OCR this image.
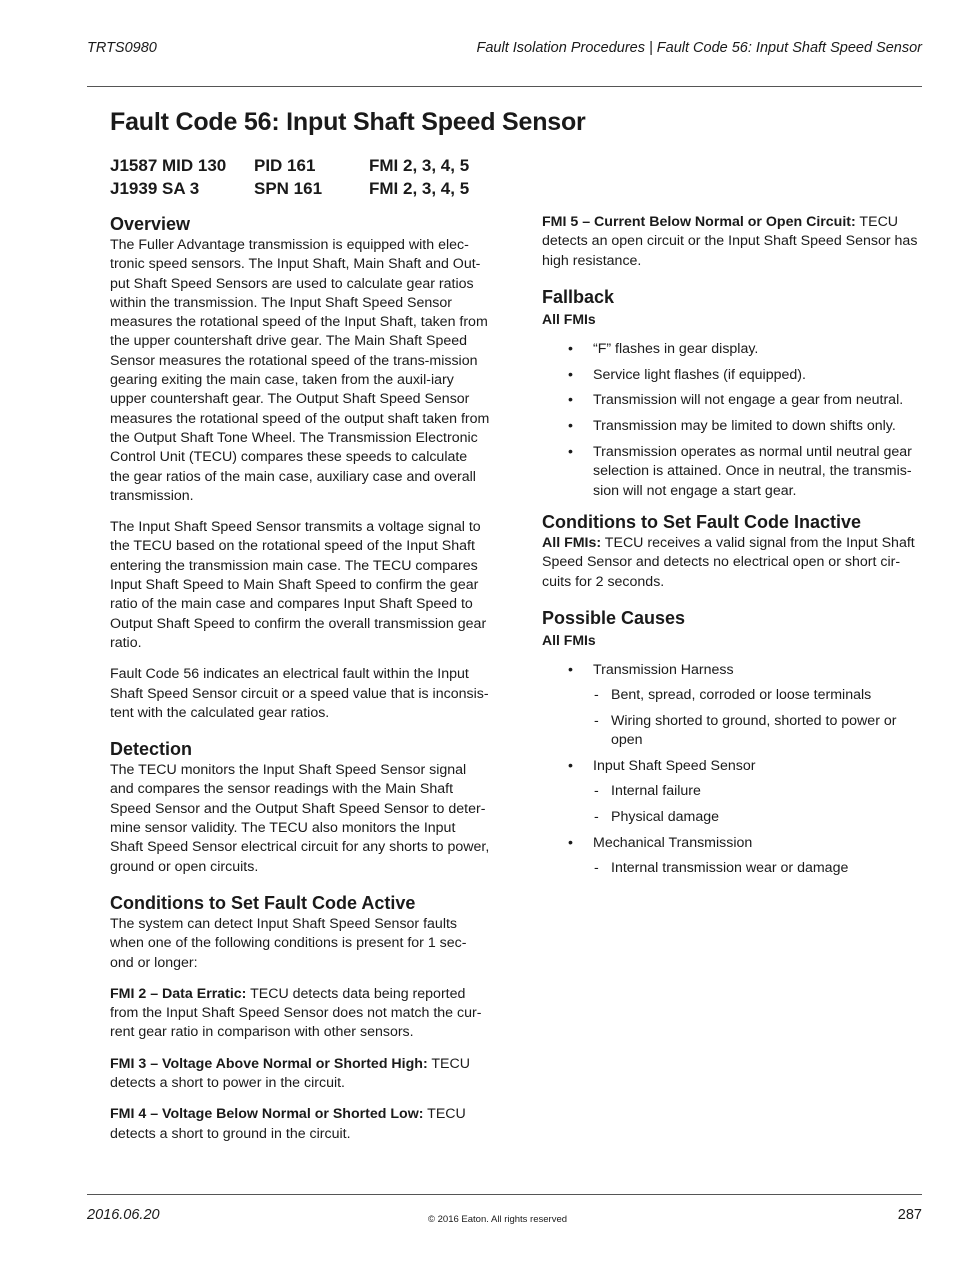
TRTS0980	Fault Isolation Procedures | Fault Code 56: Input Shaft Speed Sensor
Fault Code 56: Input Shaft Speed Sensor
J1587 MID 130	PID 161	FMI 2, 3, 4, 5
J1939 SA 3	SPN 161	FMI 2, 3, 4, 5
Overview

The Fuller Advantage transmission is equipped with elec-tronic speed sensors. The Input Shaft, Main Shaft and Out-put Shaft Speed Sensors are used to calculate gear ratios within the transmission. The Input Shaft Speed Sensor measures the rotational speed of the Input Shaft, taken from the upper countershaft drive gear. The Main Shaft Speed Sensor measures the rotational speed of the trans-mission gearing exiting the main case, taken from the auxil-iary upper countershaft gear. The Output Shaft Speed Sensor measures the rotational speed of the output shaft taken from the Output Shaft Tone Wheel. The Transmission Electronic Control Unit (TECU) compares these speeds to calculate the gear ratios of the main case, auxiliary case and overall transmission.

The Input Shaft Speed Sensor transmits a voltage signal to the TECU based on the rotational speed of the Input Shaft entering the transmission main case. The TECU compares Input Shaft Speed to Main Shaft Speed to confirm the gear ratio of the main case and compares Input Shaft Speed to Output Shaft Speed to confirm the overall transmission gear ratio.

Fault Code 56 indicates an electrical fault within the Input Shaft Speed Sensor circuit or a speed value that is inconsis-tent with the calculated gear ratios.

Detection

The TECU monitors the Input Shaft Speed Sensor signal and compares the sensor readings with the Main Shaft Speed Sensor and the Output Shaft Speed Sensor to deter-mine sensor validity. The TECU also monitors the Input Shaft Speed Sensor electrical circuit for any shorts to power, ground or open circuits.

Conditions to Set Fault Code Active

The system can detect Input Shaft Speed Sensor faults when one of the following conditions is present for 1 sec-ond or longer:

FMI 2 – Data Erratic: TECU detects data being reported from the Input Shaft Speed Sensor does not match the cur-rent gear ratio in comparison with other sensors.

FMI 3 – Voltage Above Normal or Shorted High: TECU detects a short to power in the circuit.

FMI 4 – Voltage Below Normal or Shorted Low: TECU detects a short to ground in the circuit.

FMI 5 – Current Below Normal or Open Circuit: TECU detects an open circuit or the Input Shaft Speed Sensor has high resistance.

Fallback
All FMIs
• “F” flashes in gear display.
• Service light flashes (if equipped).
• Transmission will not engage a gear from neutral.
• Transmission may be limited to down shifts only.
• Transmission operates as normal until neutral gear selection is attained. Once in neutral, the transmis-sion will not engage a start gear.
Conditions to Set Fault Code Inactive

All FMIs: TECU receives a valid signal from the Input Shaft Speed Sensor and detects no electrical open or short cir-cuits for 2 seconds.

Possible Causes
All FMIs
• Transmission Harness
- Bent, spread, corroded or loose terminals
- Wiring shorted to ground, shorted to power or open
• Input Shaft Speed Sensor
- Internal failure
- Physical damage
• Mechanical Transmission
- Internal transmission wear or damage
2016.06.20	© 2016 Eaton. All rights reserved	287
